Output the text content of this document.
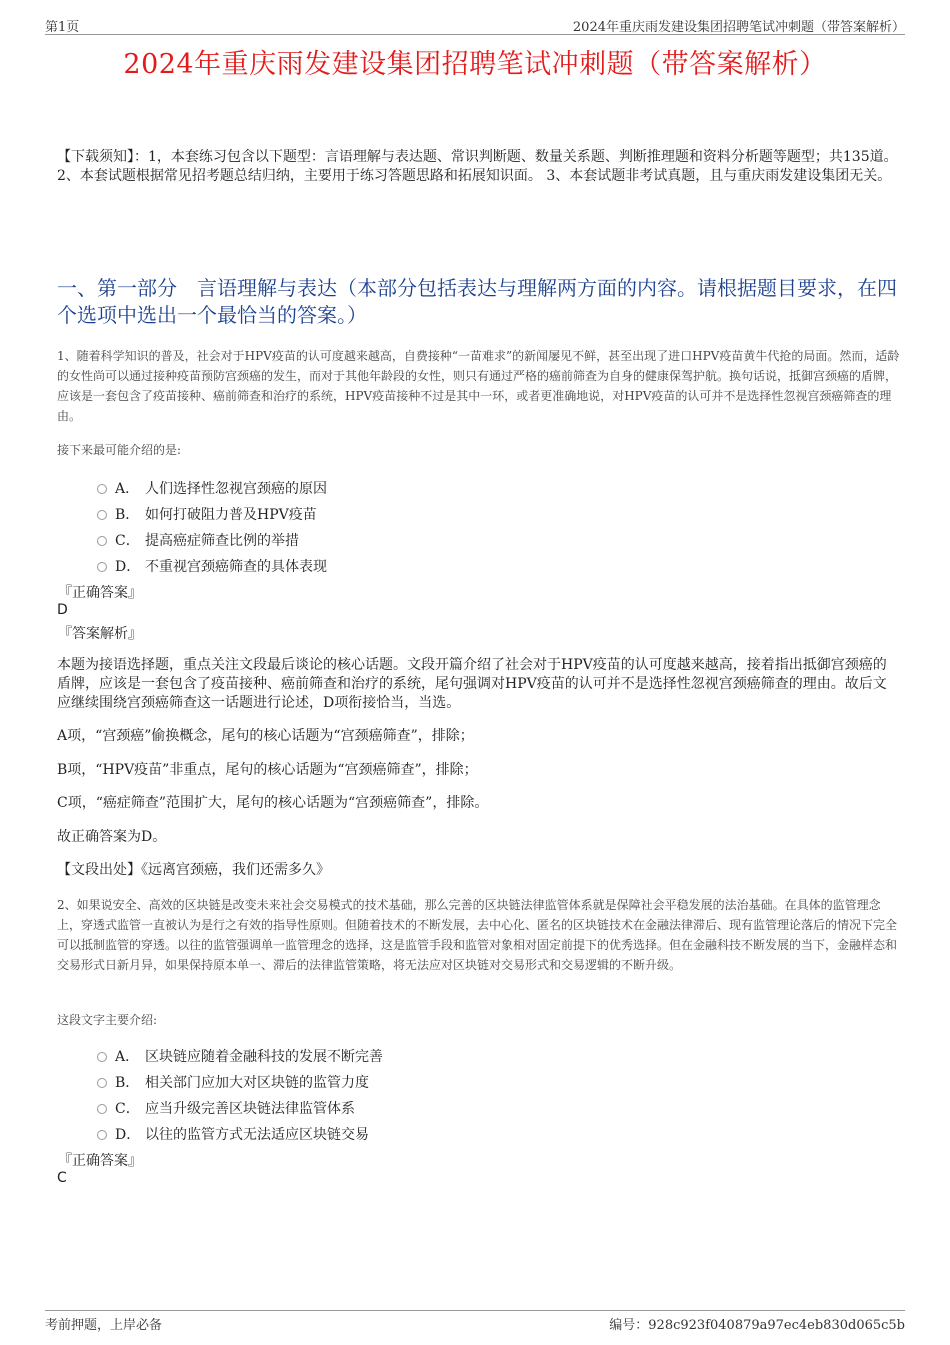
第1页	2024年重庆雨发建设集团招聘笔试冲刺题（带答案解析）
2024年重庆雨发建设集团招聘笔试冲刺题（带答案解析）
【下载须知】：1，本套练习包含以下题型：言语理解与表达题、常识判断题、数量关系题、判断推理题和资料分析题等题型；共135道。 2、本套试题根据常见招考题总结归纳，主要用于练习答题思路和拓展知识面。 3、本套试题非考试真题，且与重庆雨发建设集团无关。
一、第一部分　言语理解与表达（本部分包括表达与理解两方面的内容。请根据题目要求，在四个选项中选出一个最恰当的答案。）
1、随着科学知识的普及，社会对于HPV疫苗的认可度越来越高，自费接种“一苗难求”的新闻屡见不鲜，甚至出现了进口HPV疫苗黄牛代抢的局面。然而，适龄的女性尚可以通过接种疫苗预防宫颈癌的发生，而对于其他年龄段的女性，则只有通过严格的癌前筛查为自身的健康保驾护航。换句话说，抵御宫颈癌的盾牌，应该是一套包含了疫苗接种、癌前筛查和治疗的系统，HPV疫苗接种不过是其中一环，或者更准确地说，对HPV疫苗的认可并不是选择性忽视宫颈癌筛查的理由。
接下来最可能介绍的是:
A． 人们选择性忽视宫颈癌的原因
B． 如何打破阻力普及HPV疫苗
C． 提高癌症筛查比例的举措
D． 不重视宫颈癌筛查的具体表现
『正确答案』
D
『答案解析』
本题为接语选择题，重点关注文段最后谈论的核心话题。文段开篇介绍了社会对于HPV疫苗的认可度越来越高，接着指出抵御宫颈癌的盾牌，应该是一套包含了疫苗接种、癌前筛查和治疗的系统，尾句强调对HPV疫苗的认可并不是选择性忽视宫颈癌筛查的理由。故后文应继续围绕宫颈癌筛查这一话题进行论述，D项衔接恰当，当选。
A项，“宫颈癌”偷换概念，尾句的核心话题为“宫颈癌筛查”，排除；
B项，“HPV疫苗”非重点，尾句的核心话题为“宫颈癌筛查”，排除；
C项，“癌症筛查”范围扩大，尾句的核心话题为“宫颈癌筛查”，排除。
故正确答案为D。
【文段出处】《远离宫颈癌，我们还需多久》
2、如果说安全、高效的区块链是改变未来社会交易模式的技术基础，那么完善的区块链法律监管体系就是保障社会平稳发展的法治基础。在具体的监管理念上，穿透式监管一直被认为是行之有效的指导性原则。但随着技术的不断发展，去中心化、匿名的区块链技术在金融法律滞后、现有监管理论落后的情况下完全可以抵制监管的穿透。以往的监管强调单一监管理念的选择，这是监管手段和监管对象相对固定前提下的优秀选择。但在金融科技不断发展的当下，金融样态和交易形式日新月异，如果保持原本单一、滞后的法律监管策略，将无法应对区块链对交易形式和交易逻辑的不断升级。
这段文字主要介绍:
A． 区块链应随着金融科技的发展不断完善
B． 相关部门应加大对区块链的监管力度
C． 应当升级完善区块链法律监管体系
D． 以往的监管方式无法适应区块链交易
『正确答案』
C
考前押题，上岸必备	编号：928c923f040879a97ec4eb830d065c5b
